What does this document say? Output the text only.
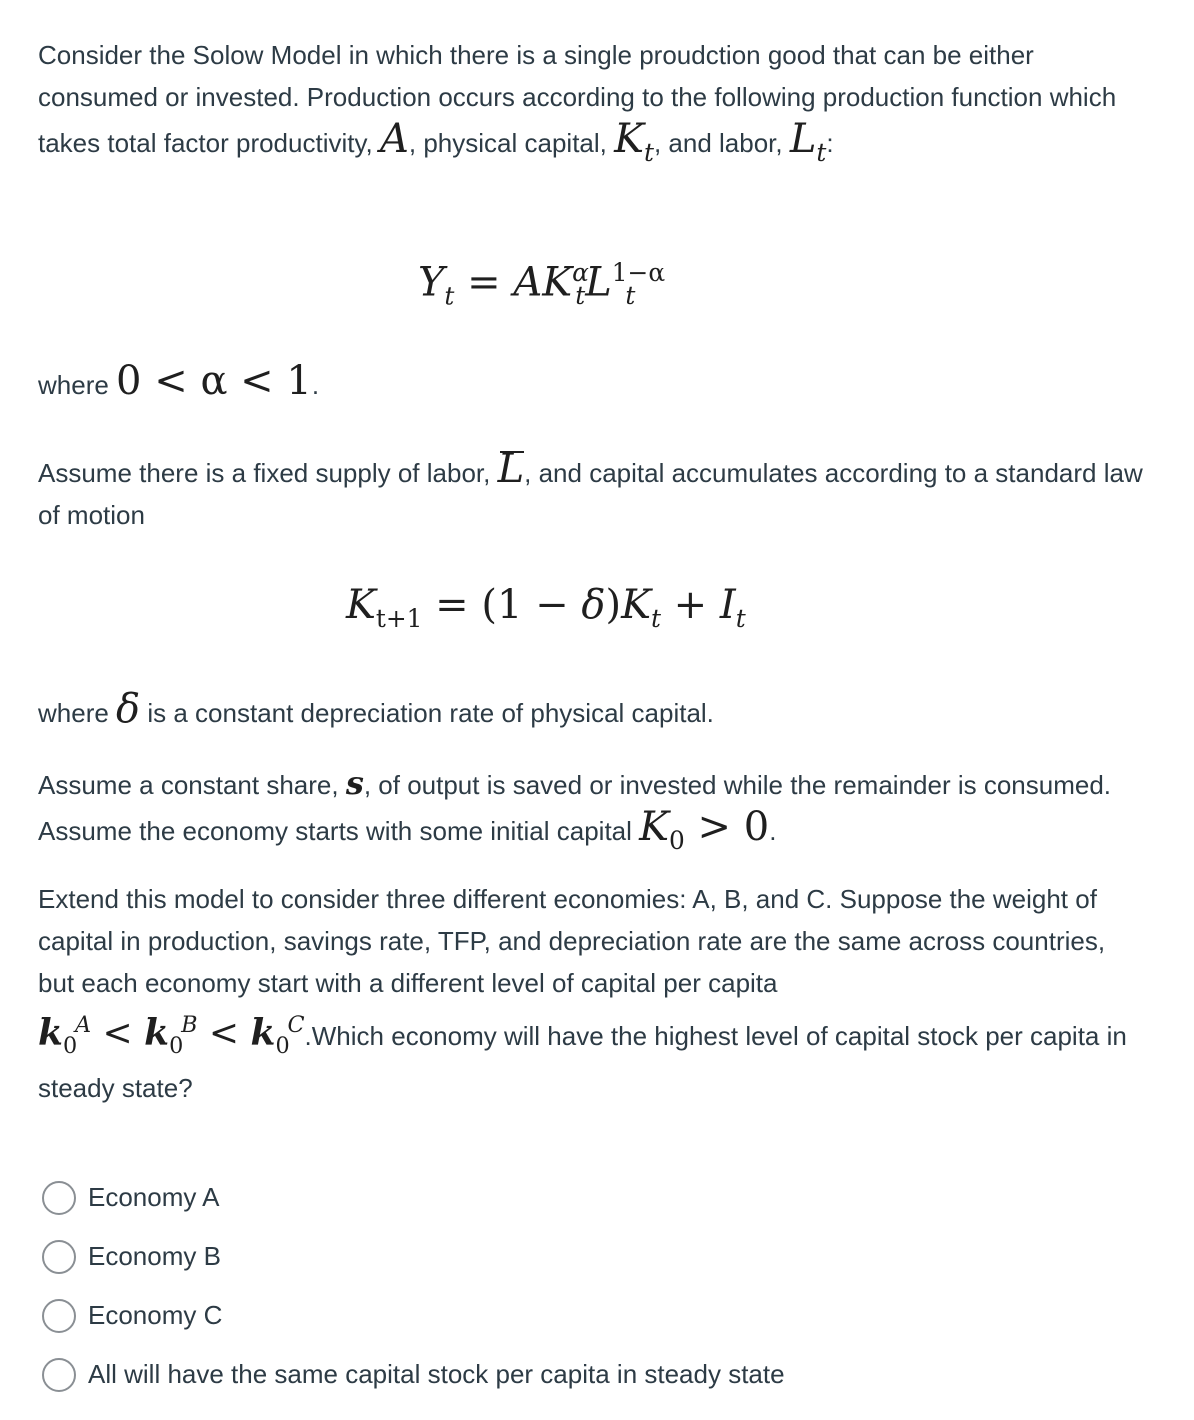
Consider the Solow Model in which there is a single proudction good that can be either consumed or invested. Production occurs according to the following production function which takes total factor productivity, A, physical capital, $K_t$, and labor, $L_t$:

$Y_t = AK^\alpha_tL^{1-\alpha}_t$

where 0 < α < 1.

Assume there is a fixed supply of labor, L, and capital accumulates according to a standard law of motion

$K_{t+1} = (1 - \delta)K_t + I_t$

where δ is a constant depreciation rate of physical capital.

Assume a constant share, s, of output is saved or invested while the remainder is consumed. Assume the economy starts with some initial capital $K_0 > 0$.

Extend this model to consider three different economies: A, B, and C. Suppose the weight of capital in production, savings rate, TFP, and depreciation rate are the same across countries, but each economy start with a different level of capital per capita
$k_0^A < k_0^B$ < $k_0^C.Which$ economy will have the highest level of capital stock per capita in steady state?

Economy A
Economy B
Economy C
All will have the same capital stock per capita in steady state
